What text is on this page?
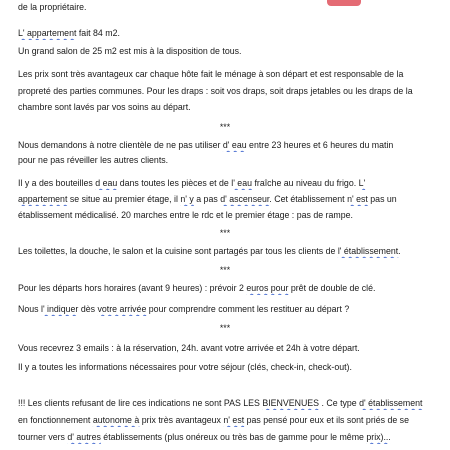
de la propriétaire.
L' appartement fait 84 m2.
Un grand salon de 25 m2 est mis à la disposition de tous.
Les prix sont très avantageux car chaque hôte fait le ménage à son départ et est responsable de la
propreté des parties communes. Pour les draps : soit vos draps, soit draps jetables ou les draps de la
chambre sont lavés par vos soins au départ.
***
Nous demandons à notre clientèle de ne pas utiliser d' eau entre 23 heures et 6 heures du matin
pour ne pas réveiller les autres clients.
Il y a des bouteilles d eau dans toutes les pièces et de l' eau fraîche au niveau du frigo. L'
appartement se situe au premier étage, il n' y a pas d' ascenseur. Cet établissement n' est pas un
établissement médicalisé. 20 marches entre le rdc et le premier étage : pas de rampe.
***
Les toilettes, la douche, le salon et la cuisine sont partagés par tous les clients de l' établissement.
***
Pour les départs hors horaires (avant 9 heures) : prévoir 2 euros pour prêt de double de clé.
Nous l' indiquer dès votre arrivée pour comprendre comment les restituer au départ ?
***
Vous recevrez 3 emails : à la réservation, 24h. avant votre arrivée et 24h à votre départ.
Il y a toutes les informations nécessaires pour votre séjour (clés, check-in, check-out).
!!! Les clients refusant de lire ces indications ne sont PAS LES BIENVENUES . Ce type d' établissement
en fonctionnement autonome à prix très avantageux n' est pas pensé pour eux et ils sont priés de se
tourner vers d' autres établissements (plus onéreux ou très bas de gamme pour le même prix)...
